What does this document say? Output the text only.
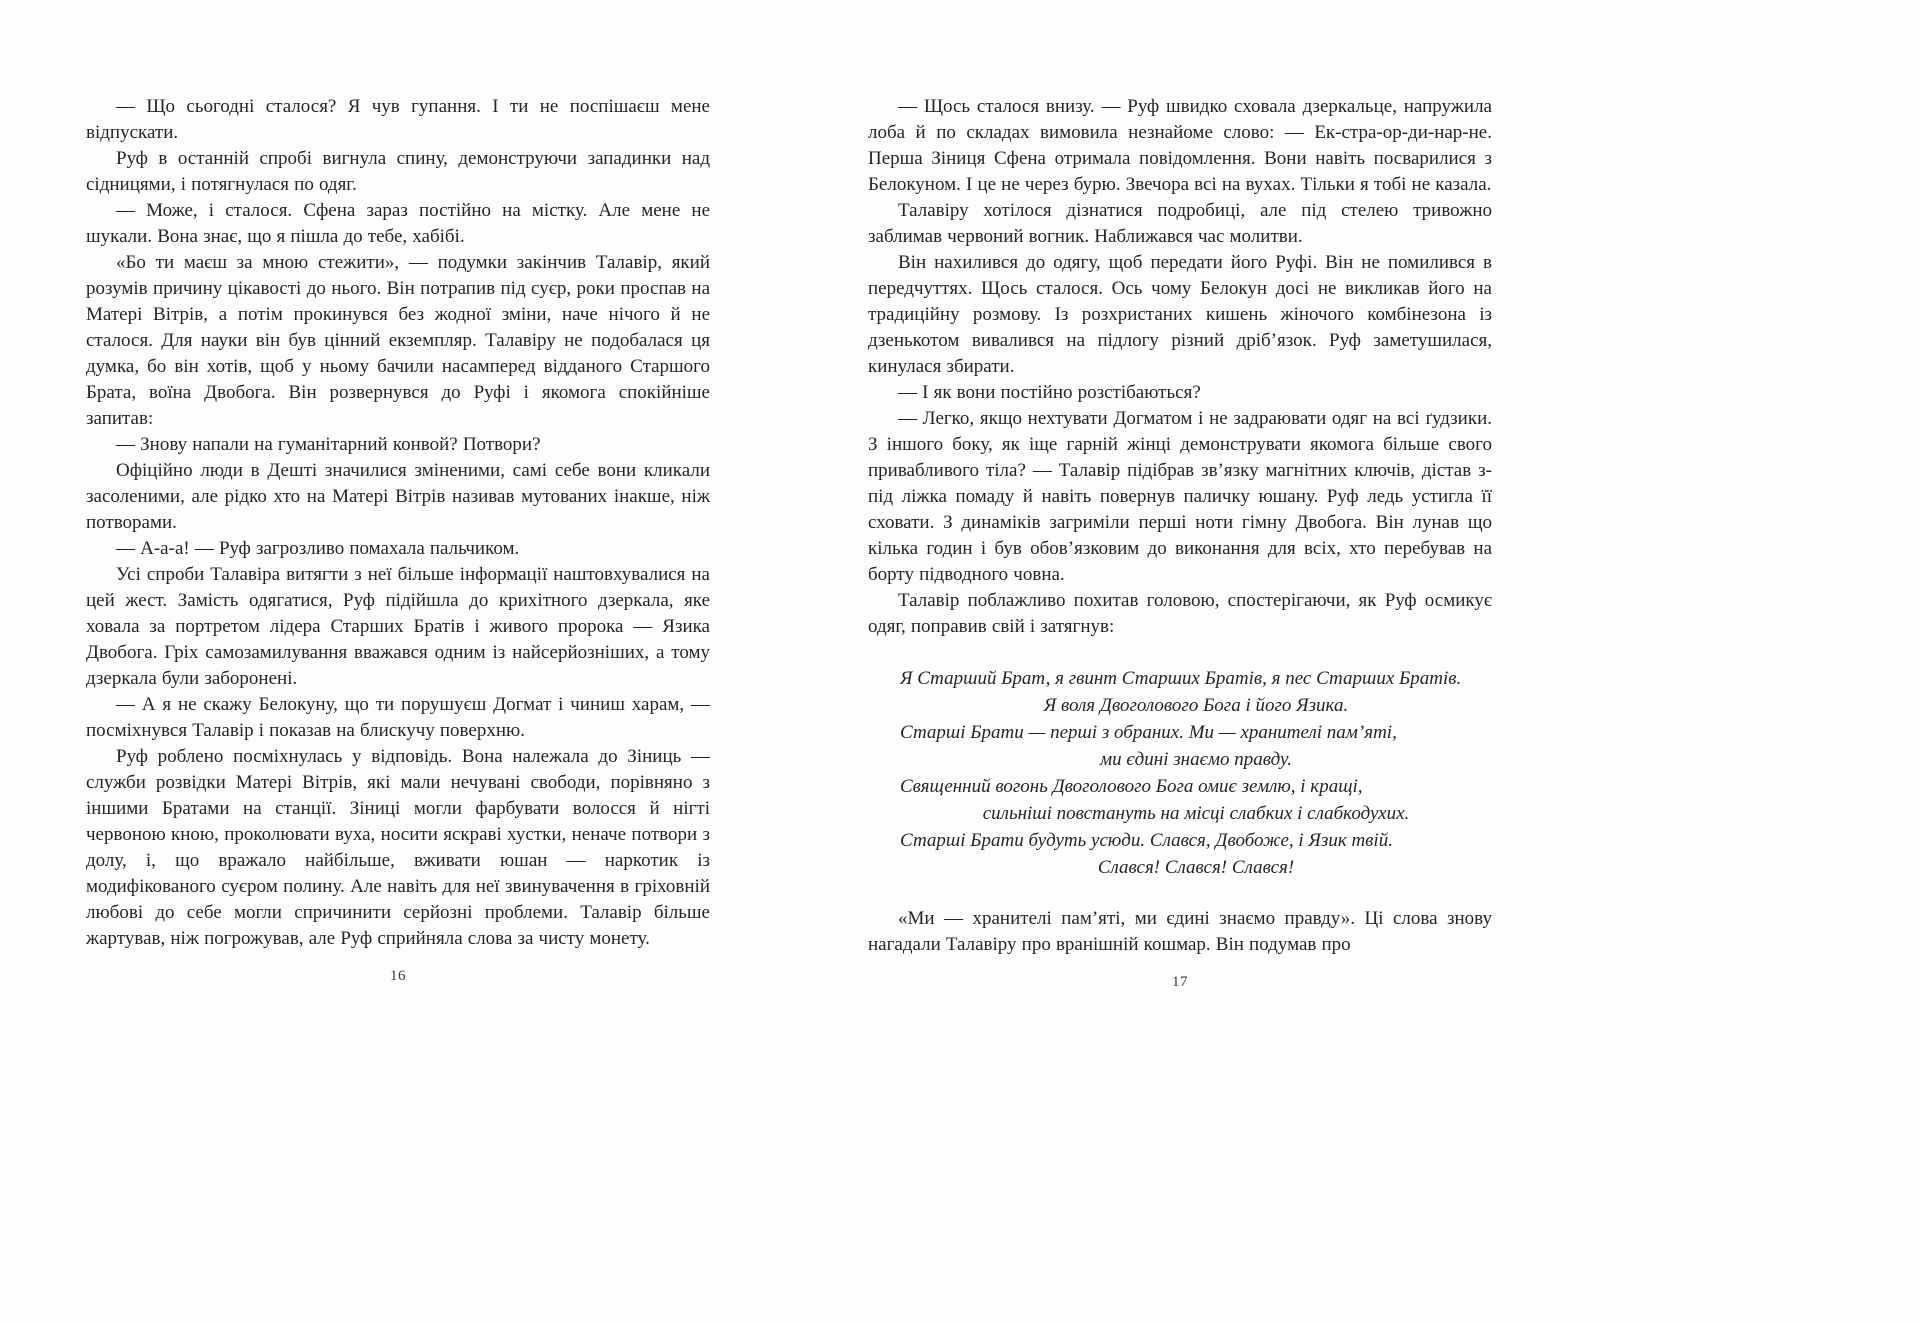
— Що сьогодні сталося? Я чув гупання. І ти не поспішаєш мене відпускати.

Руф в останній спробі вигнула спину, демонструючи западинки над сідницями, і потягнулася по одяг.

— Може, і сталося. Сфена зараз постійно на містку. Але мене не шукали. Вона знає, що я пішла до тебе, хабібі.

«Бо ти маєш за мною стежити», — подумки закінчив Талавір, який розумів причину цікавості до нього. Він потрапив під суєр, роки проспав на Матері Вітрів, а потім прокинувся без жодної зміни, наче нічого й не сталося. Для науки він був цінний екземпляр. Талавіру не подобалася ця думка, бо він хотів, щоб у ньому бачили насамперед відданого Старшого Брата, воїна Двобога. Він розвернувся до Руфі і якомога спокійніше запитав:

— Знову напали на гуманітарний конвой? Потвори?

Офіційно люди в Дешті значилися зміненими, самі себе вони кликали засоленими, але рідко хто на Матері Вітрів називав мутованих інакше, ніж потворами.

— А-а-а! — Руф загрозливо помахала пальчиком.

Усі спроби Талавіра витягти з неї більше інформації наштовхувалися на цей жест. Замість одягатися, Руф підійшла до крихітного дзеркала, яке ховала за портретом лідера Старших Братів і живого пророка — Язика Двобога. Гріх самозамилування вважався одним із найсерйозніших, а тому дзеркала були заборонені.

— А я не скажу Белокуну, що ти порушуєш Догмат і чиниш харам, — посміхнувся Талавір і показав на блискучу поверхню.

Руф роблено посміхнулась у відповідь. Вона належала до Зіниць — служби розвідки Матері Вітрів, які мали нечувані свободи, порівняно з іншими Братами на станції. Зіниці могли фарбувати волосся й нігті червоною кною, проколювати вуха, носити яскраві хустки, неначе потвори з долу, і, що вражало найбільше, вживати юшан — наркотик із модифікованого суєром полину. Але навіть для неї звинувачення в гріховній любові до себе могли спричинити серйозні проблеми. Талавір більше жартував, ніж погрожував, але Руф сприйняла слова за чисту монету.

16

— Щось сталося внизу. — Руф швидко сховала дзеркальце, напружила лоба й по складах вимовила незнайоме слово: — Ек-стра-ор-ди-нар-не. Перша Зіниця Сфена отримала повідомлення. Вони навіть посварилися з Белокуном. І це не через бурю. Звечора всі на вухах. Тільки я тобі не казала.

Талавіру хотілося дізнатися подробиці, але під стелею тривожно заблимав червоний вогник. Наближався час молитви.

Він нахилився до одягу, щоб передати його Руфі. Він не помилився в передчуттях. Щось сталося. Ось чому Белокун досі не викликав його на традиційну розмову. Із розхристаних кишень жіночого комбінезона із дзенькотом вивалився на підлогу різний дріб’язок. Руф заметушилася, кинулася збирати.

— І як вони постійно розстібаються?

— Легко, якщо нехтувати Догматом і не задраювати одяг на всі ґудзики. З іншого боку, як іще гарній жінці демонструвати якомога більше свого привабливого тіла? — Талавір підібрав зв’язку магнітних ключів, дістав з-під ліжка помаду й навіть повернув паличку юшану. Руф ледь устигла її сховати. З динаміків загриміли перші ноти гімну Двобога. Він лунав що кілька годин і був обов’язковим до виконання для всіх, хто перебував на борту підводного човна.

Талавір поблажливо похитав головою, спостерігаючи, як Руф осмикує одяг, поправив свій і затягнув:

Я Старший Брат, я гвинт Старших Братів, я пес Старших Братів.
Я воля Двоголового Бога і його Язика.
Старші Брати — перші з обраних. Ми — хранителі пам’яті,
ми єдині знаємо правду.
Священний вогонь Двоголового Бога омиє землю, і кращі,
сильніші повстануть на місці слабких і слабкодухих.
Старші Брати будуть усюди. Слався, Двобоже, і Язик твій.
Слався! Слався! Слався!

«Ми — хранителі пам’яті, ми єдині знаємо правду». Ці слова знову нагадали Талавіру про вранішній кошмар. Він подумав про

17
